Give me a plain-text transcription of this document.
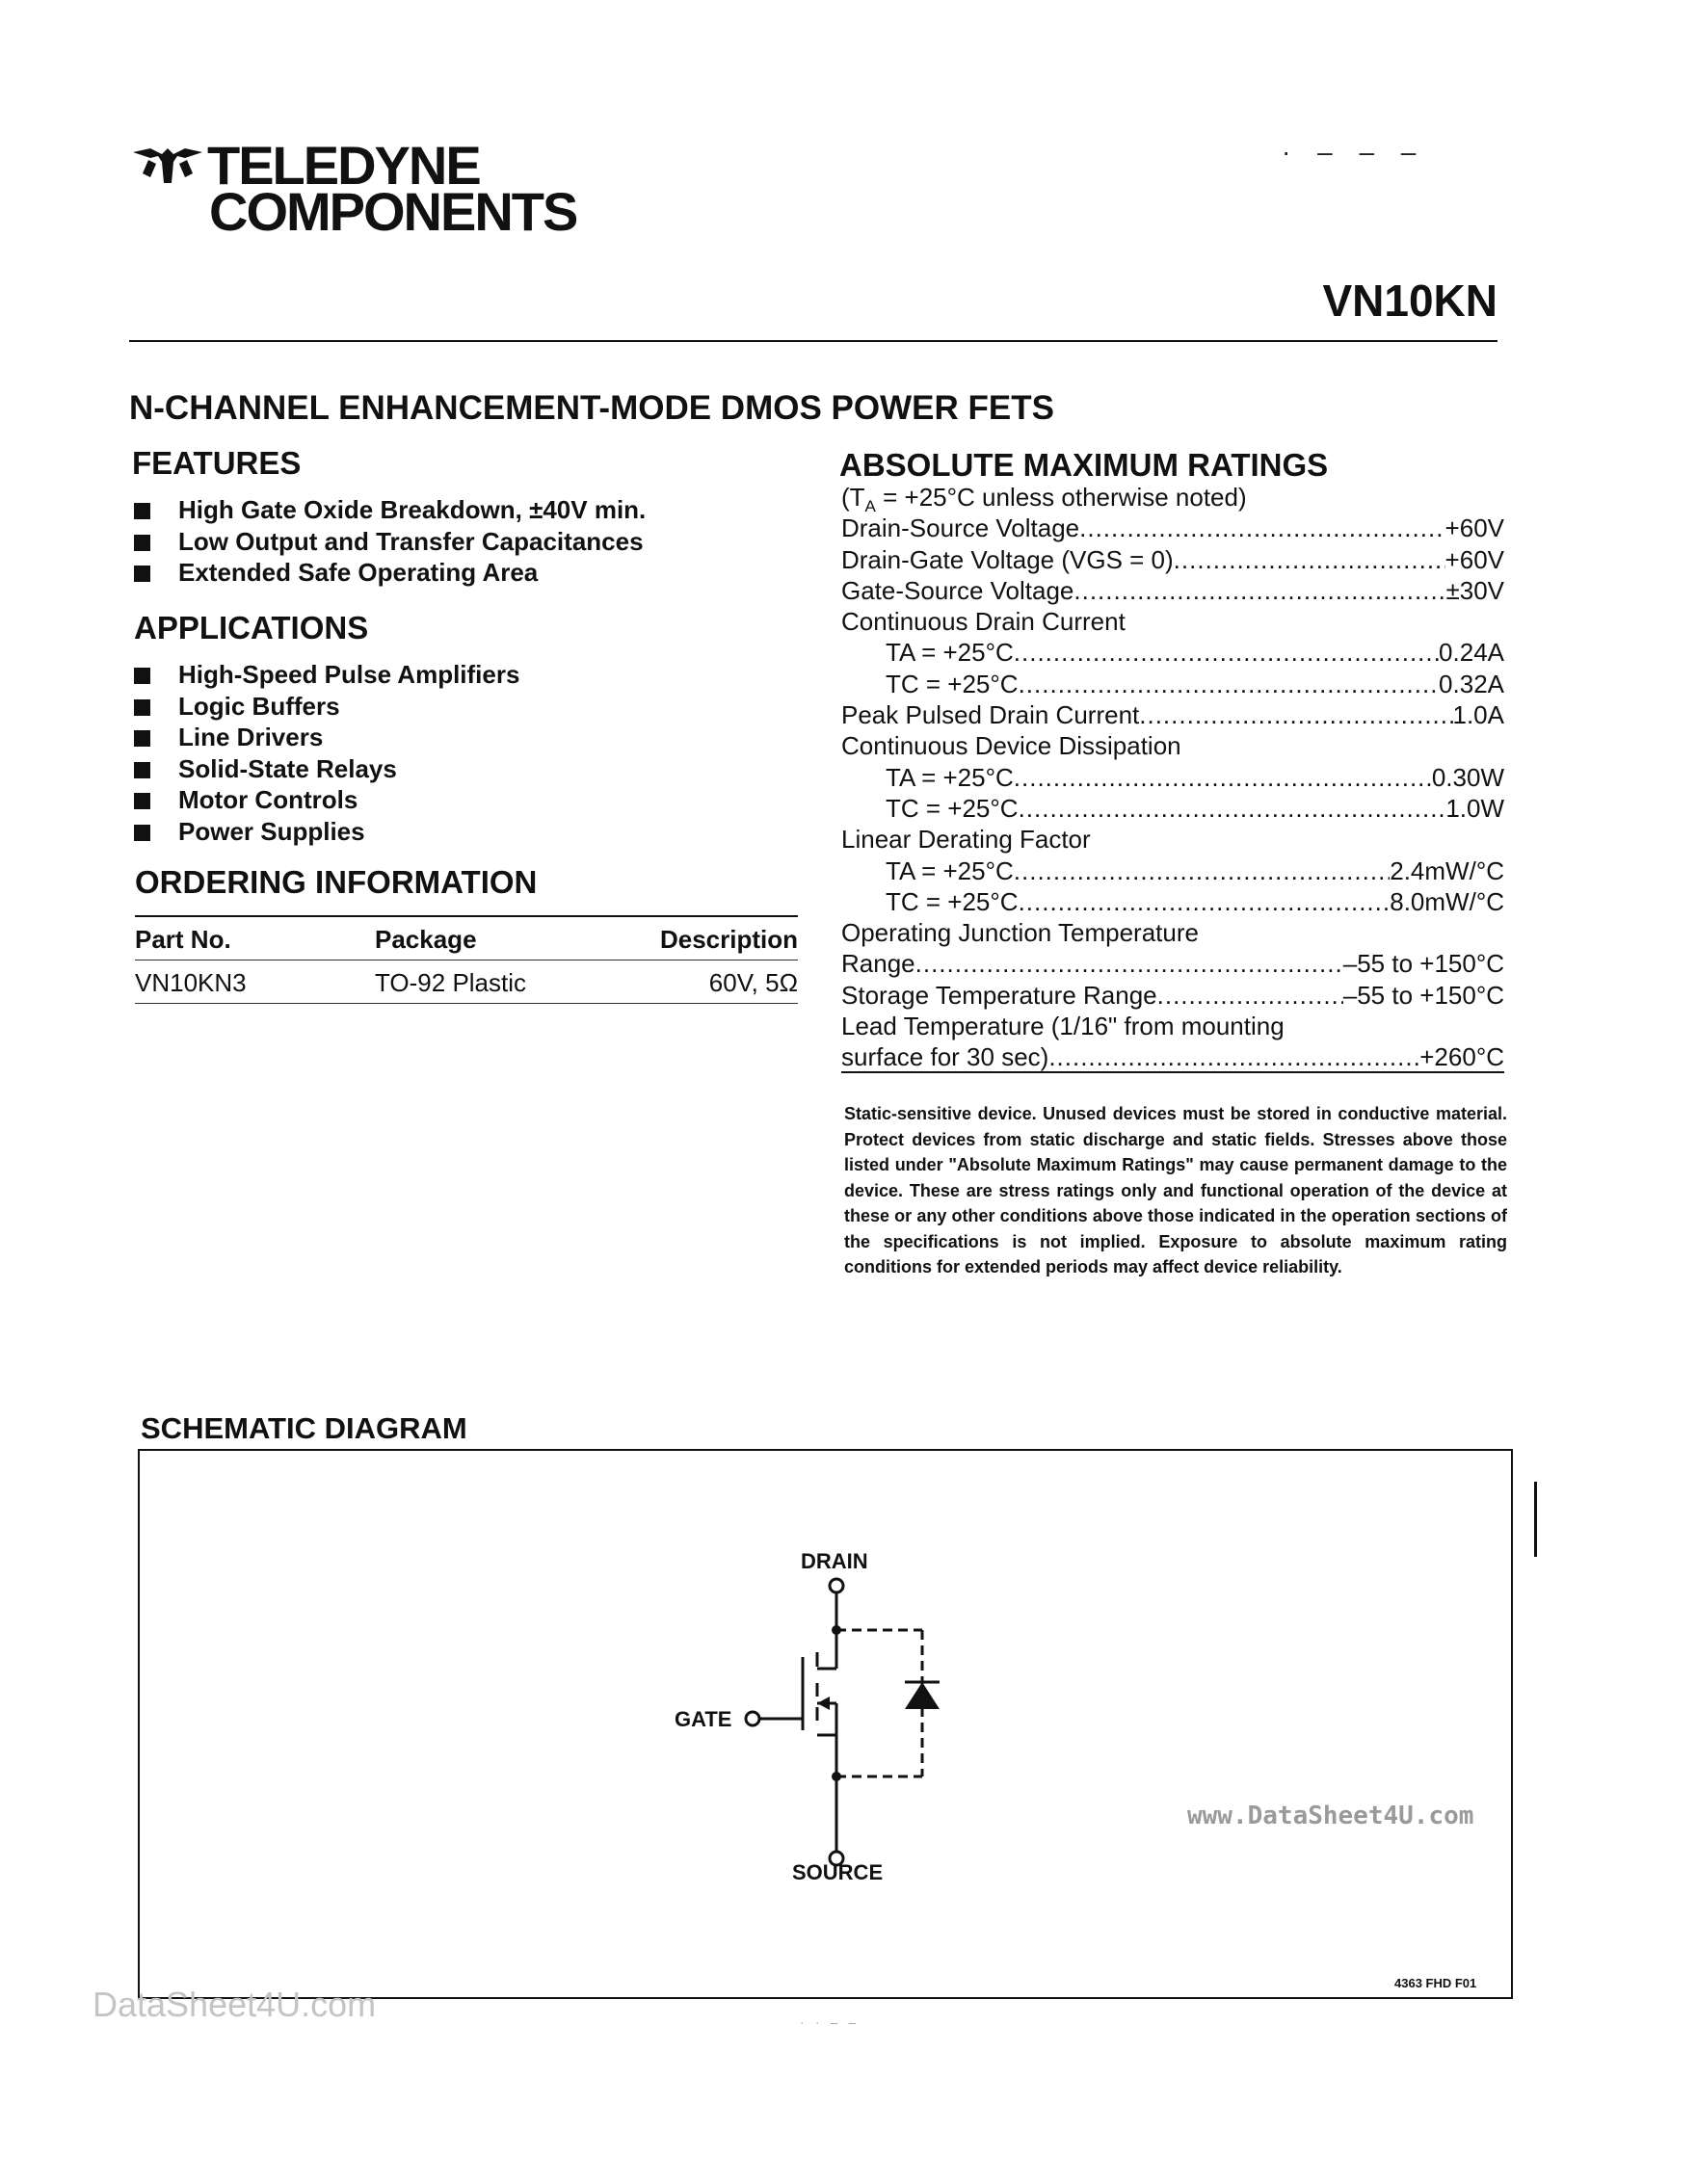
TELEDYNE
COMPONENTS
· ‒ ‒ ‒
VN10KN
N-CHANNEL ENHANCEMENT-MODE DMOS POWER FETS
FEATURES
High Gate Oxide Breakdown, ±40V min.
Low Output and Transfer Capacitances
Extended Safe Operating Area
APPLICATIONS
High-Speed Pulse Amplifiers
Logic Buffers
Line Drivers
Solid-State Relays
Motor Controls
Power Supplies
ORDERING INFORMATION
Part No.	Package	Description
VN10KN3	TO-92 Plastic	60V, 5Ω
ABSOLUTE MAXIMUM RATINGS
($T_A = +25^\circ C$ unless otherwise noted)
Drain-Source Voltage .....	+60V
Drain-Gate Voltage (VGS = 0) .....	+60V
Gate-Source Voltage .....	±30V
Continuous Drain Current
TA = +25°C .....	0.24A
TC = +25°C .....	0.32A
Peak Pulsed Drain Current .....	1.0A
Continuous Device Dissipation
TA = +25°C .....	0.30W
TC = +25°C .....	1.0W
Linear Derating Factor
TA = +25°C .....	2.4mW/°C
TC = +25°C .....	8.0mW/°C
Operating Junction Temperature
Range .....	–55 to +150°C
Storage Temperature Range .....	–55 to +150°C
Lead Temperature (1/16" from mounting
surface for 30 sec) .....	+260°C
Static-sensitive device. Unused devices must be stored in conductive material. Protect devices from static discharge and static fields. Stresses above those listed under "Absolute Maximum Ratings" may cause permanent damage to the device. These are stress ratings only and functional operation of the device at these or any other conditions above those indicated in the operation sections of the specifications is not implied. Exposure to absolute maximum rating conditions for extended periods may affect device reliability.
SCHEMATIC DIAGRAM
DRAIN
GATE
SOURCE
4363 FHD F01
www.DataSheet4U.com
DataSheet4U.com	· · ‒ ‒
